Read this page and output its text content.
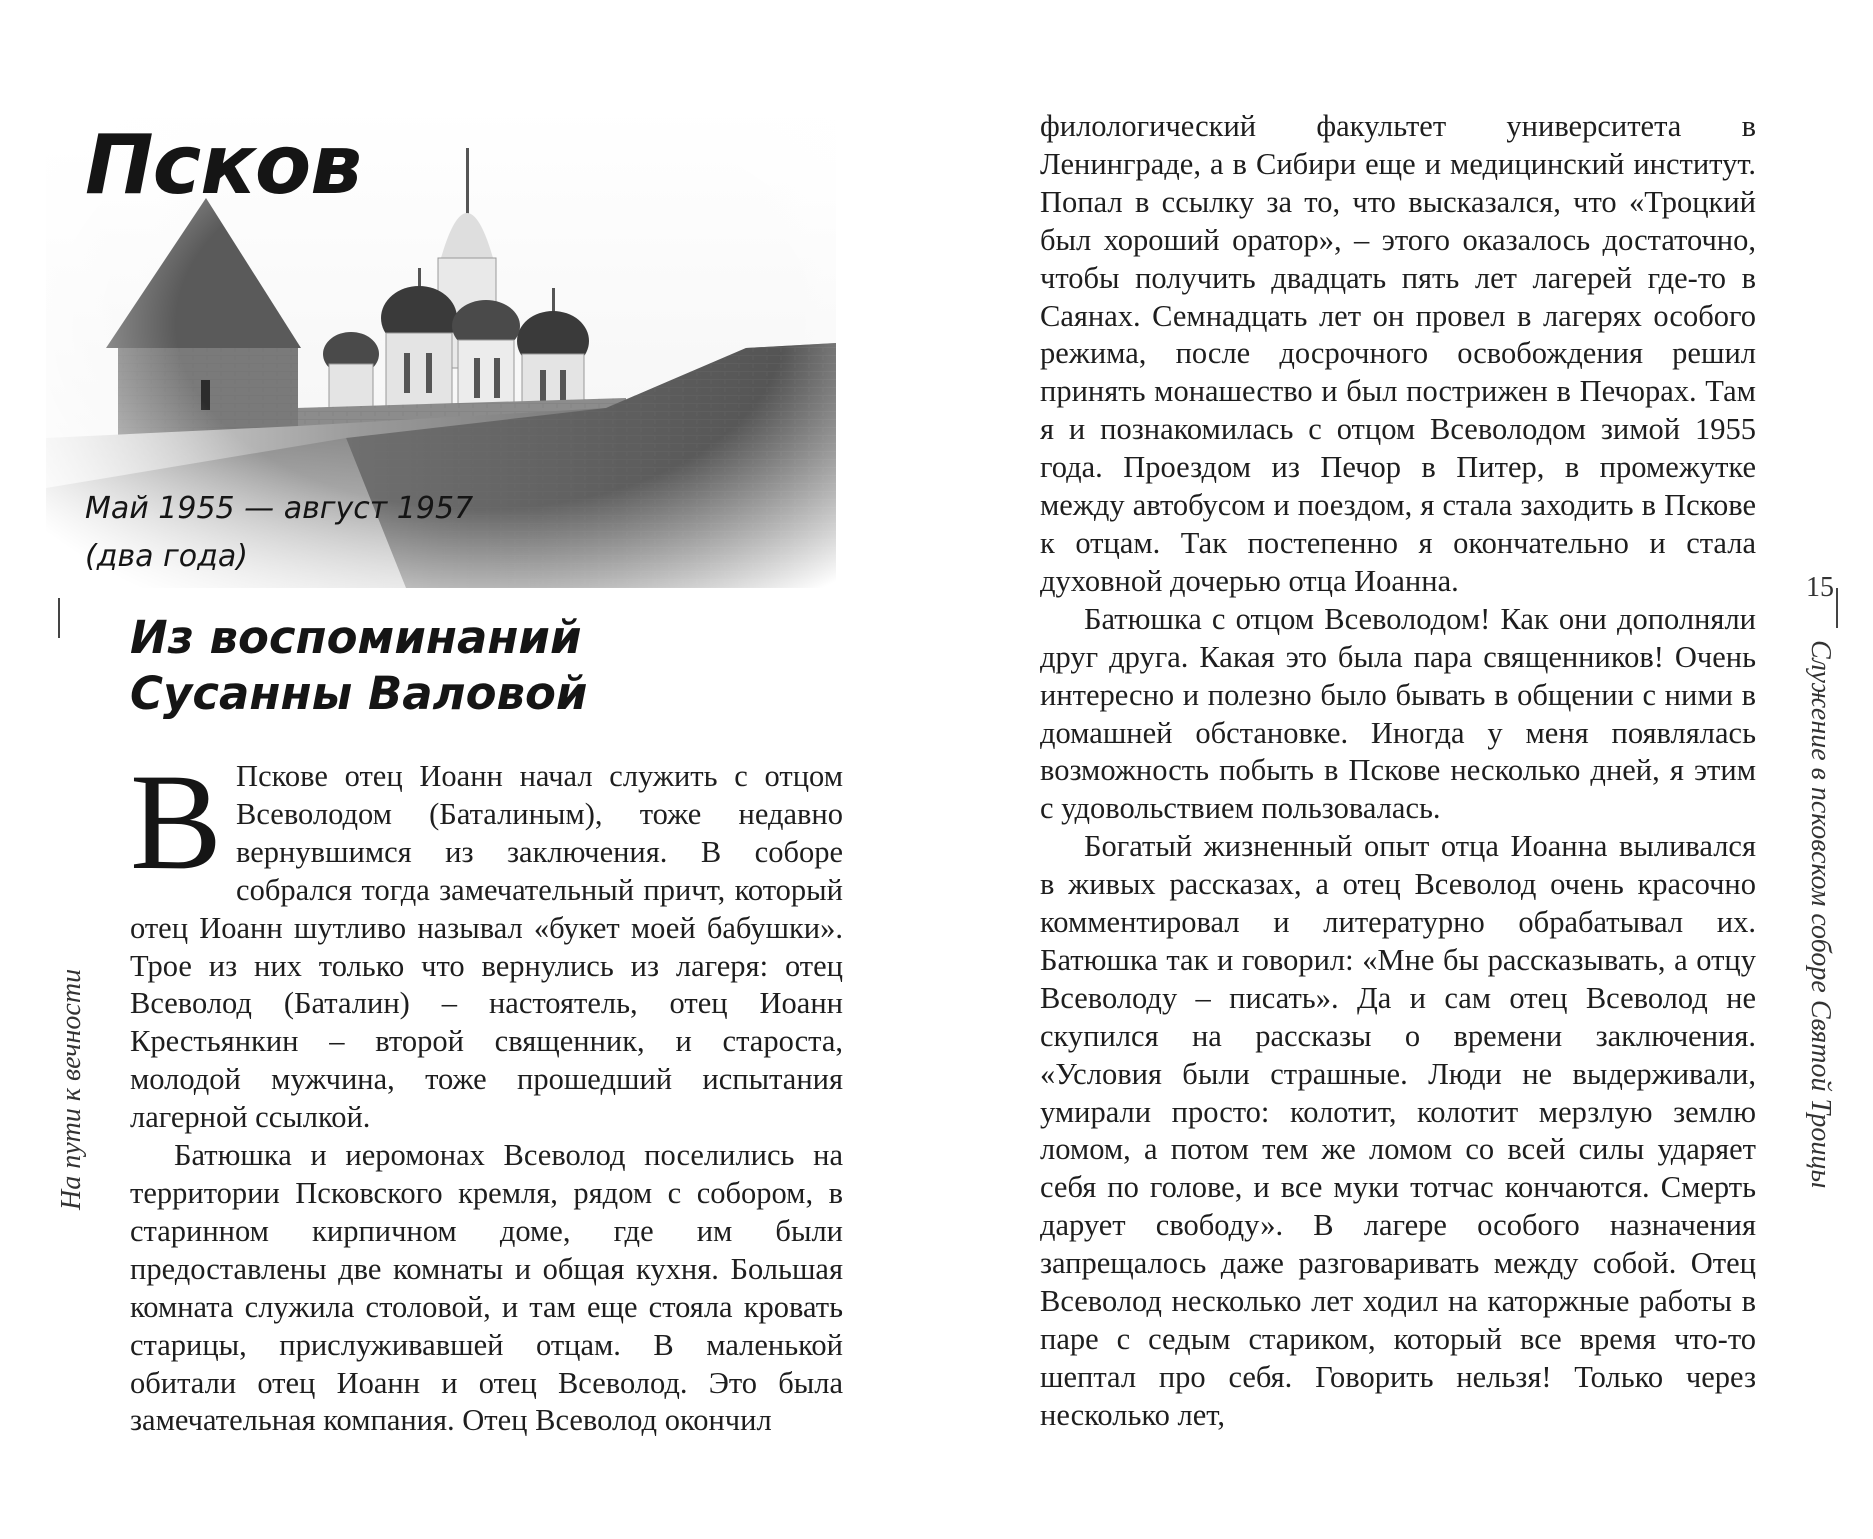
На пути к вечности
Псков
Май 1955 — август 1957
(два года)
Из воспоминаний
Сусанны Валовой

В Пскове отец Иоанн начал служить с отцом Всеволодом (Баталиным), тоже недавно вернувшимся из заключения. В соборе собрался тогда замечательный причт, который отец Иоанн шутливо называл «букет моей бабушки». Трое из них только что вернулись из лагеря: отец Всеволод (Баталин) – настоятель, отец Иоанн Крестьянкин – второй священник, и староста, молодой мужчина, тоже прошедший испытания лагерной ссылкой.

Батюшка и иеромонах Всеволод поселились на территории Псковского кремля, рядом с собором, в старинном кирпичном доме, где им были предоставлены две комнаты и общая кухня. Большая комната служила столовой, и там еще стояла кровать старицы, прислуживавшей отцам. В маленькой обитали отец Иоанн и отец Всеволод. Это была замечательная компания. Отец Всеволод окончил

филологический факультет университета в Ленинграде, а в Сибири еще и медицинский институт. Попал в ссылку за то, что высказался, что «Троцкий был хороший оратор», – этого оказалось достаточно, чтобы получить двадцать пять лет лагерей где-то в Саянах. Семнадцать лет он провел в лагерях особого режима, после досрочного освобождения решил принять монашество и был пострижен в Печорах. Там я и познакомилась с отцом Всеволодом зимой 1955 года. Проездом из Печор в Питер, в промежутке между автобусом и поездом, я стала заходить в Пскове к отцам. Так постепенно я окончательно и стала духовной дочерью отца Иоанна.

Батюшка с отцом Всеволодом! Как они дополняли друг друга. Какая это была пара священников! Очень интересно и полезно было бывать в общении с ними в домашней обстановке. Иногда у меня появлялась возможность побыть в Пскове несколько дней, я этим с удовольствием пользовалась.

Богатый жизненный опыт отца Иоанна выливался в живых рассказах, а отец Всеволод очень красочно комментировал и литературно обрабатывал их. Батюшка так и говорил: «Мне бы рассказывать, а отцу Всеволоду – писать». Да и сам отец Всеволод не скупился на рассказы о времени заключения. «Условия были страшные. Люди не выдерживали, умирали просто: колотит, колотит мерзлую землю ломом, а потом тем же ломом со всей силы ударяет себя по голове, и все муки тотчас кончаются. Смерть дарует свободу». В лагере особого назначения запрещалось даже разговаривать между собой. Отец Всеволод несколько лет ходил на каторжные работы в паре с седым стариком, который все время что-то шептал про себя. Говорить нельзя! Только через несколько лет,

15
Служение в псковском соборе Святой Троицы
